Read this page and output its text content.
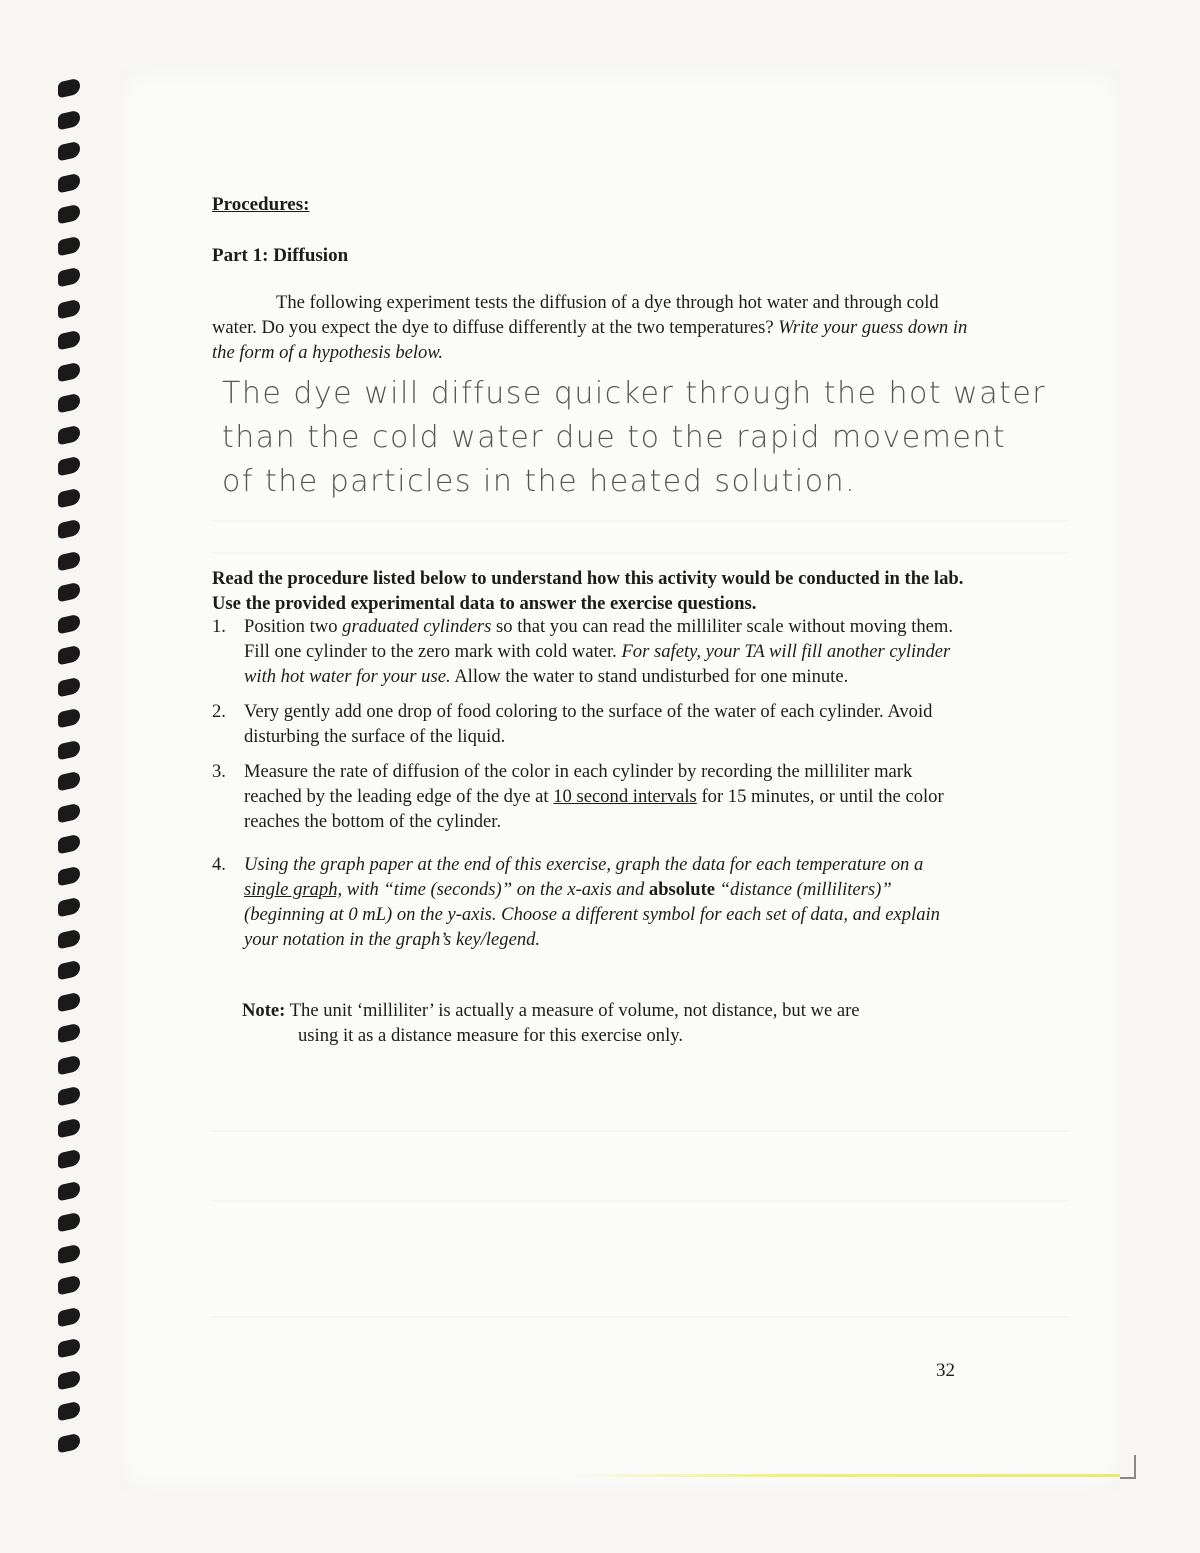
Procedures:
Part 1: Diffusion
The following experiment tests the diffusion of a dye through hot water and through cold water. Do you expect the dye to diffuse differently at the two temperatures? Write your guess down in the form of a hypothesis below.
The dye will diffuse quicker through the hot water
than the cold water due to the rapid movement
of the particles in the heated solution.
Read the procedure listed below to understand how this activity would be conducted in the lab. Use the provided experimental data to answer the exercise questions.
1. Position two graduated cylinders so that you can read the milliliter scale without moving them. Fill one cylinder to the zero mark with cold water. For safety, your TA will fill another cylinder with hot water for your use. Allow the water to stand undisturbed for one minute.
2. Very gently add one drop of food coloring to the surface of the water of each cylinder. Avoid disturbing the surface of the liquid.
3. Measure the rate of diffusion of the color in each cylinder by recording the milliliter mark reached by the leading edge of the dye at 10 second intervals for 15 minutes, or until the color reaches the bottom of the cylinder.
4. Using the graph paper at the end of this exercise, graph the data for each temperature on a single graph, with “time (seconds)” on the x-axis and absolute “distance (milliliters)” (beginning at 0 mL) on the y-axis. Choose a different symbol for each set of data, and explain your notation in the graph’s key/legend.
Note: The unit ‘milliliter’ is actually a measure of volume, not distance, but we are
using it as a distance measure for this exercise only.
32
